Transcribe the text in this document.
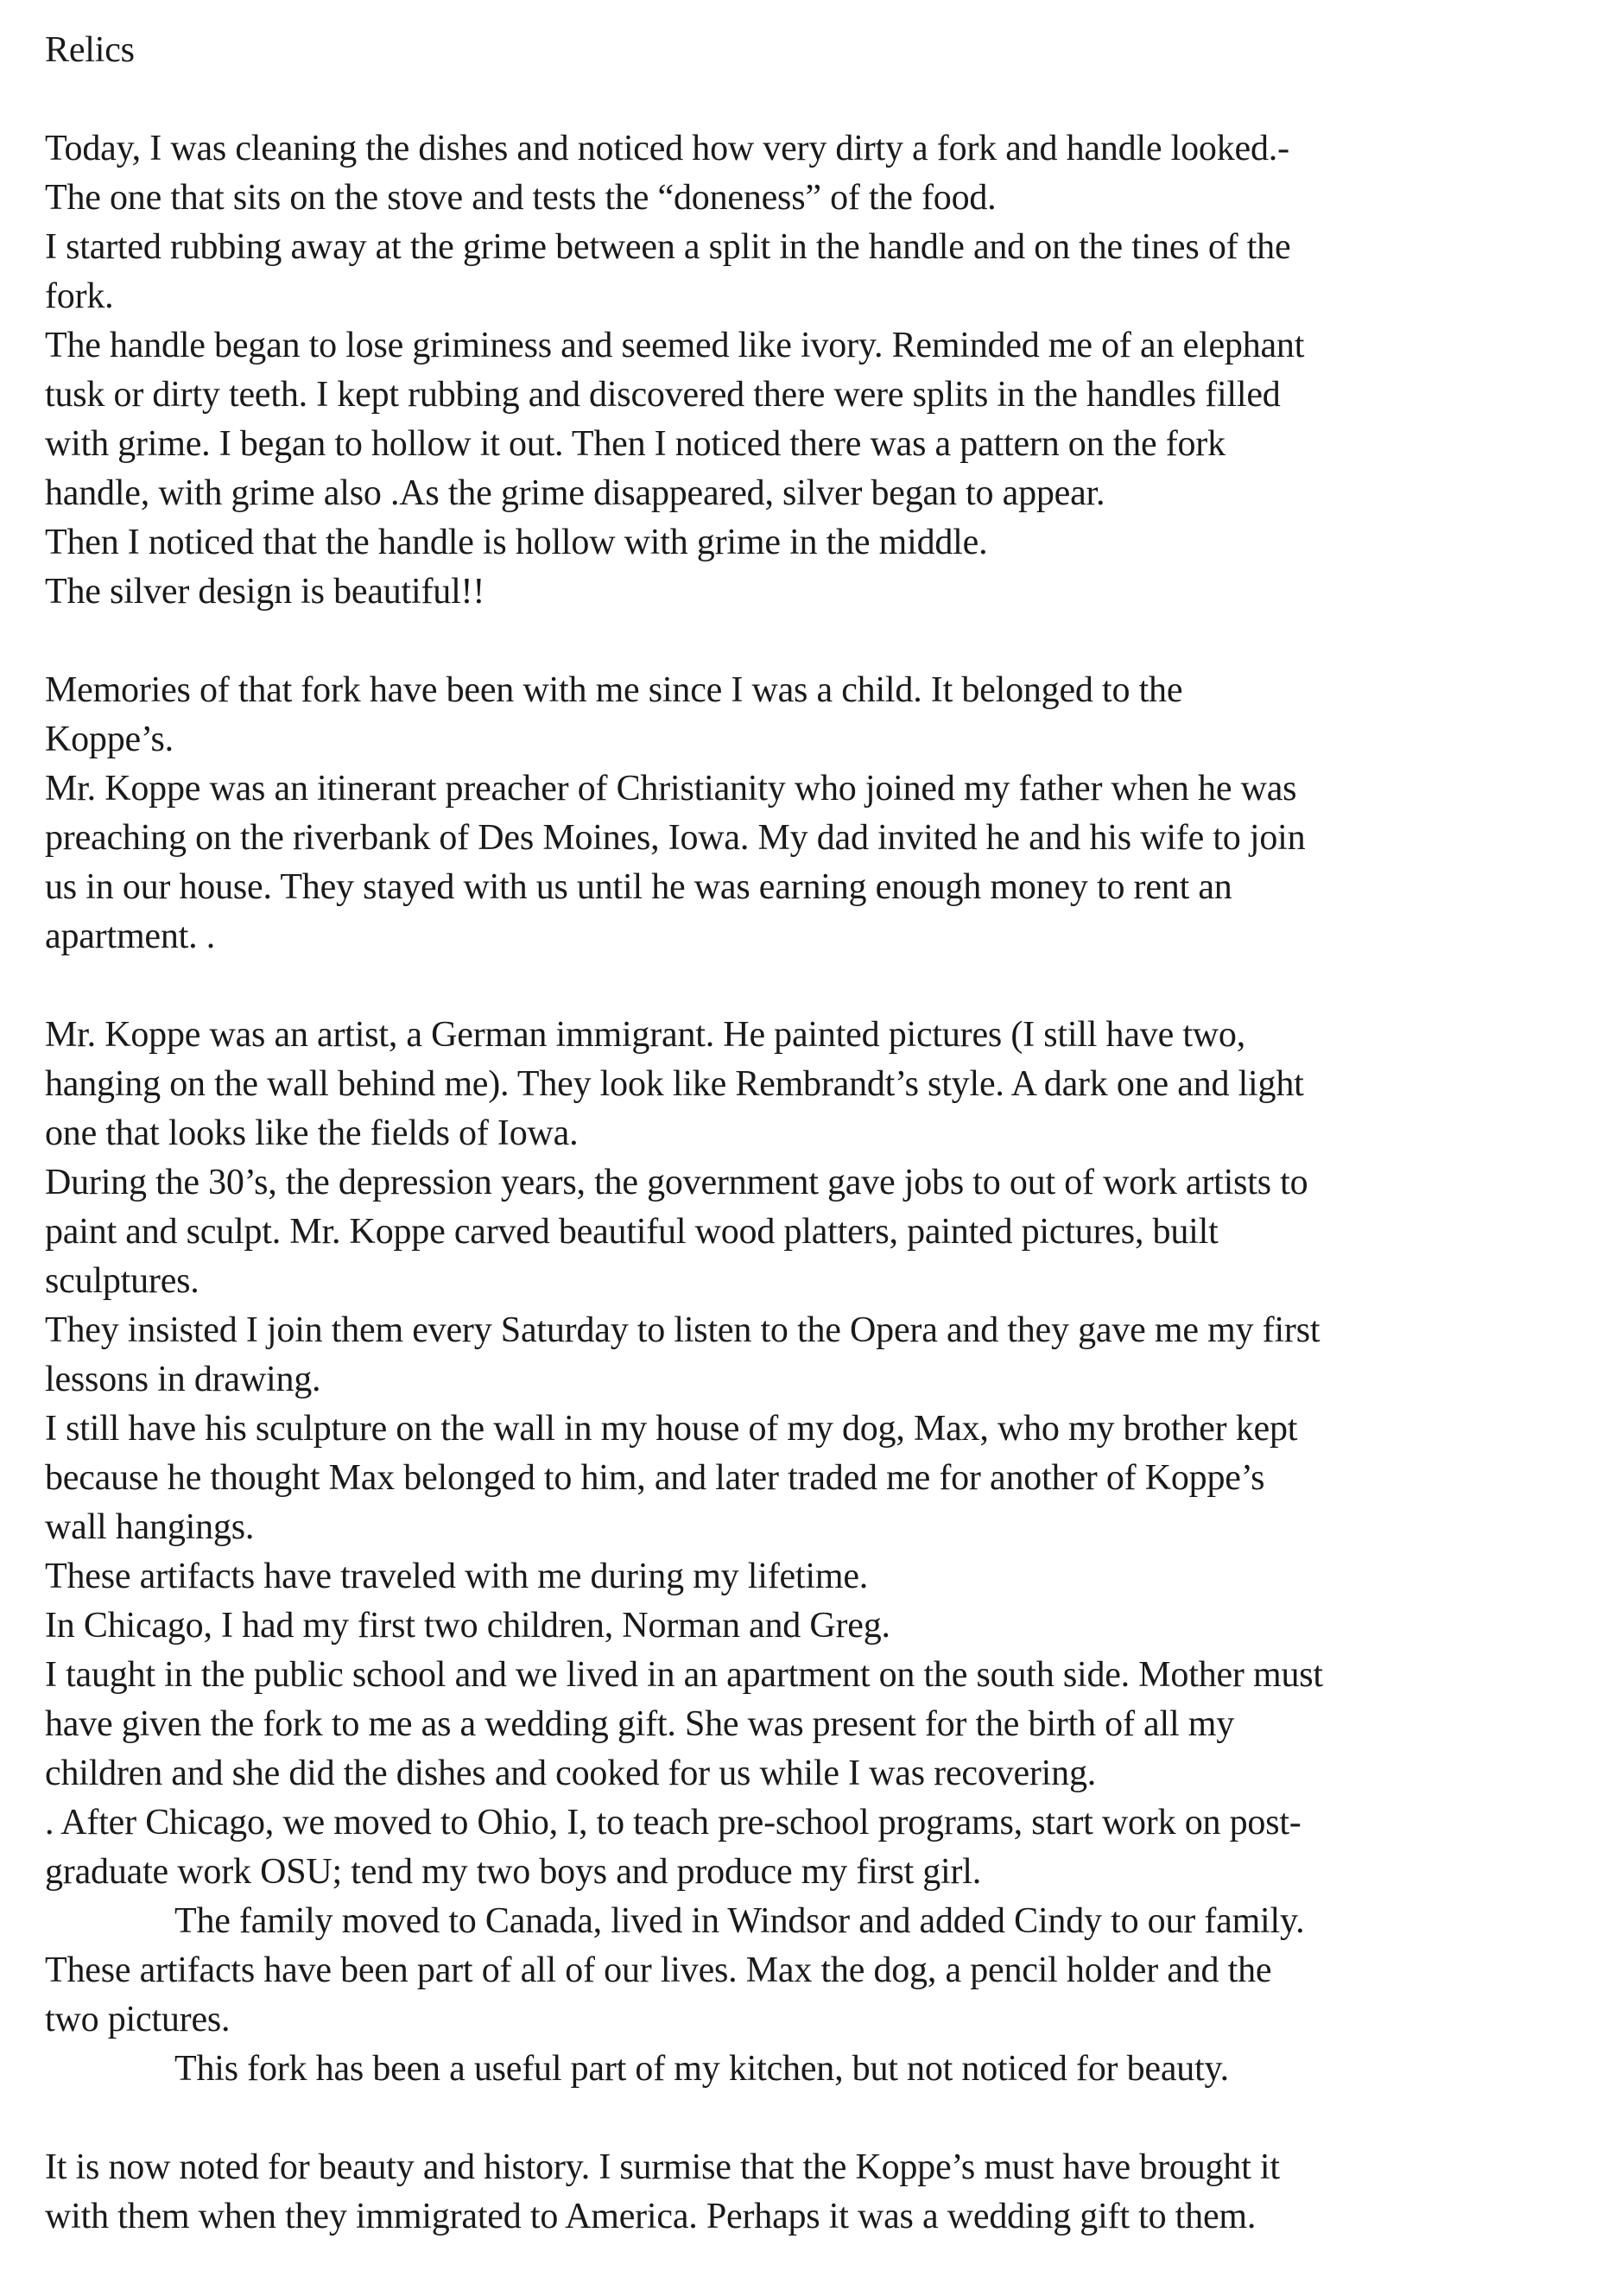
Relics
Today, I was cleaning the dishes and noticed how very dirty a fork and handle looked.-
The one that sits on the stove and tests the “doneness” of the food.
I started rubbing away at the grime between a split in the handle and on the tines of the
fork.
The handle began to lose griminess and seemed like ivory. Reminded me of an elephant
tusk or dirty teeth. I kept rubbing and discovered there were splits in the handles filled
with grime. I began to hollow it out. Then I noticed there was a pattern on the fork
handle, with grime also .As the grime disappeared, silver began to appear.
Then I noticed that the handle is hollow with grime in the middle.
The silver design is beautiful!!
Memories of that fork have been with me since I was a child. It belonged to the
Koppe’s.
Mr. Koppe was an itinerant preacher of Christianity who joined my father when he was
preaching on the riverbank of Des Moines, Iowa. My dad invited he and his wife to join
us in our house. They stayed with us until he was earning enough money to rent an
apartment. .
Mr. Koppe was an artist, a German immigrant. He painted pictures (I still have two,
hanging on the wall behind me). They look like Rembrandt’s style. A dark one and light
one that looks like the fields of Iowa.
During the 30’s, the depression years, the government gave jobs to out of work artists to
paint and sculpt. Mr. Koppe carved beautiful wood platters, painted pictures, built
sculptures.
They insisted I join them every Saturday to listen to the Opera and they gave me my first
lessons in drawing.
I still have his sculpture on the wall in my house of my dog, Max, who my brother kept
because he thought Max belonged to him, and later traded me for another of Koppe’s
wall hangings.
These artifacts have traveled with me during my lifetime.
In Chicago, I had my first two children, Norman and Greg.
I taught in the public school and we lived in an apartment on the south side. Mother must
have given the fork to me as a wedding gift. She was present for the birth of all my
children and she did the dishes and cooked for us while I was recovering.
. After Chicago, we moved to Ohio, I, to teach pre-school programs, start work on post-
graduate work OSU; tend my two boys and produce my first girl.
The family moved to Canada, lived in Windsor and added Cindy to our family.
These artifacts have been part of all of our lives. Max the dog, a pencil holder and the
two pictures.
This fork has been a useful part of my kitchen, but not noticed for beauty.
It is now noted for beauty and history. I surmise that the Koppe’s must have brought it
with them when they immigrated to America. Perhaps it was a wedding gift to them.
